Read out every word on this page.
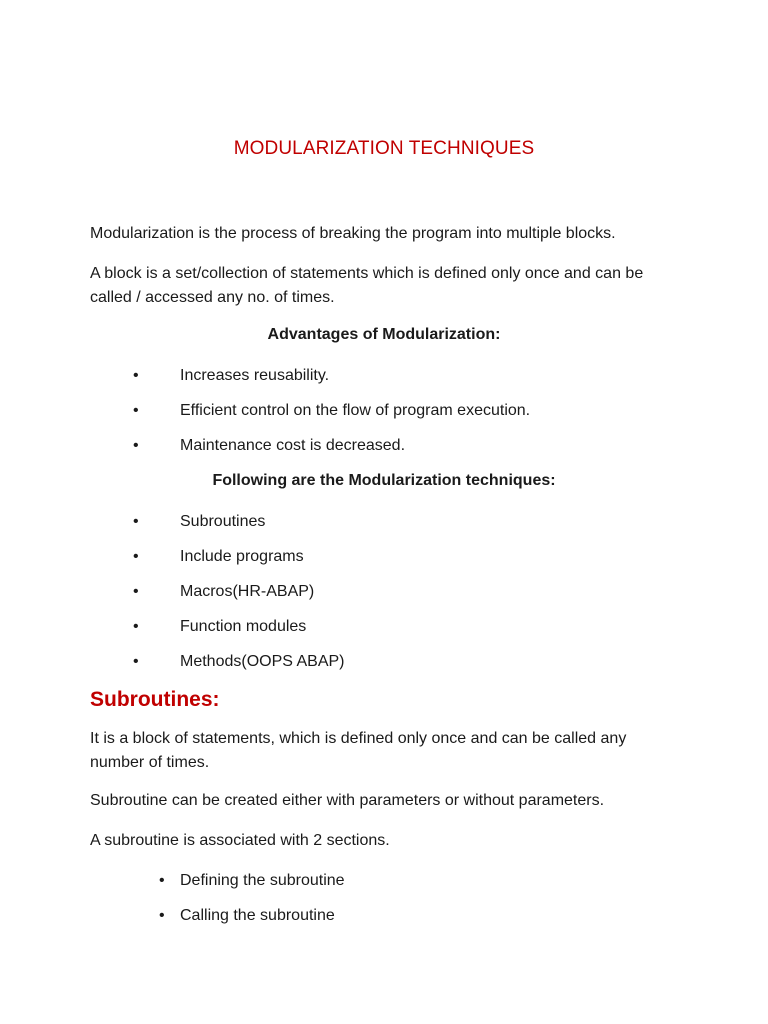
MODULARIZATION TECHNIQUES
Modularization is the process of breaking the program into multiple blocks.
A block is a set/collection of statements which is defined only once and can be called / accessed any no. of times.
Advantages of Modularization:
•	Increases reusability.
•	Efficient control on the flow of program execution.
•	Maintenance cost is decreased.
Following are the Modularization techniques:
•	Subroutines
•	Include programs
•	Macros(HR-ABAP)
•	Function modules
•	Methods(OOPS ABAP)
Subroutines:
It is a block of statements, which is defined only once and can be called any number of times.
Subroutine can be created either with parameters or without parameters.
A subroutine is associated with 2 sections.
• Defining the subroutine
• Calling the subroutine
